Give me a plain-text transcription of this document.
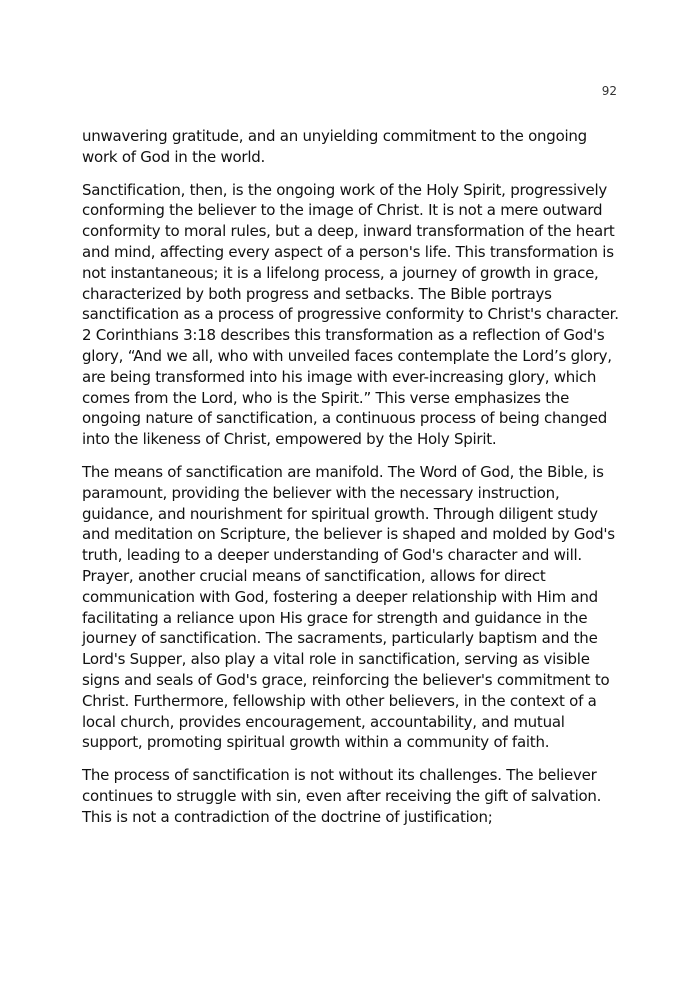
92

unwavering gratitude, and an unyielding commitment to the ongoing work of God in the world.

Sanctification, then, is the ongoing work of the Holy Spirit, progressively conforming the believer to the image of Christ. It is not a mere outward conformity to moral rules, but a deep, inward transformation of the heart and mind, affecting every aspect of a person's life. This transformation is not instantaneous; it is a lifelong process, a journey of growth in grace, characterized by both progress and setbacks. The Bible portrays sanctification as a process of progressive conformity to Christ's character. 2 Corinthians 3:18 describes this transformation as a reflection of God's glory, “And we all, who with unveiled faces contemplate the Lord’s glory, are being transformed into his image with ever-increasing glory, which comes from the Lord, who is the Spirit.” This verse emphasizes the ongoing nature of sanctification, a continuous process of being changed into the likeness of Christ, empowered by the Holy Spirit.

The means of sanctification are manifold. The Word of God, the Bible, is paramount, providing the believer with the necessary instruction, guidance, and nourishment for spiritual growth. Through diligent study and meditation on Scripture, the believer is shaped and molded by God's truth, leading to a deeper understanding of God's character and will. Prayer, another crucial means of sanctification, allows for direct communication with God, fostering a deeper relationship with Him and facilitating a reliance upon His grace for strength and guidance in the journey of sanctification. The sacraments, particularly baptism and the Lord's Supper, also play a vital role in sanctification, serving as visible signs and seals of God's grace, reinforcing the believer's commitment to Christ. Furthermore, fellowship with other believers, in the context of a local church, provides encouragement, accountability, and mutual support, promoting spiritual growth within a community of faith.

The process of sanctification is not without its challenges. The believer continues to struggle with sin, even after receiving the gift of salvation. This is not a contradiction of the doctrine of justification;
